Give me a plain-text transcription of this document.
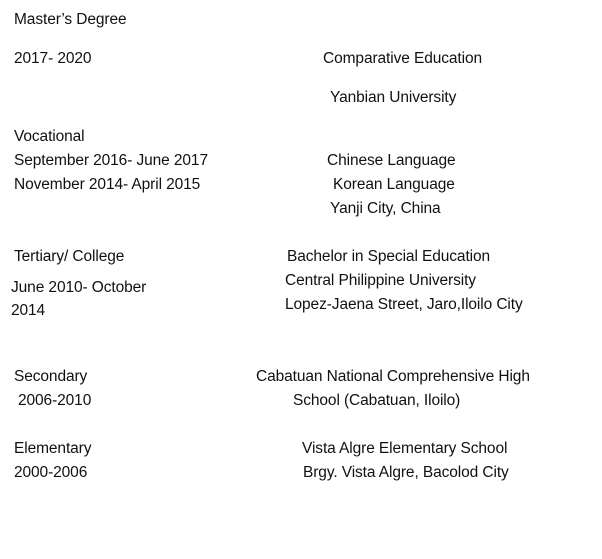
Master’s Degree
2017- 2020	Comparative Education
Yanbian University
Vocational
September 2016- June 2017
November 2014- April 2015
Chinese Language
Korean Language
Yanji City, China
Tertiary/ College
June 2010- October
2014
Bachelor in Special Education
Central Philippine University
Lopez-Jaena Street, Jaro,Iloilo City
Secondary
2006-2010
Cabatuan National Comprehensive High
School (Cabatuan, Iloilo)
Elementary
2000-2006
Vista Algre Elementary School
Brgy. Vista Algre, Bacolod City
